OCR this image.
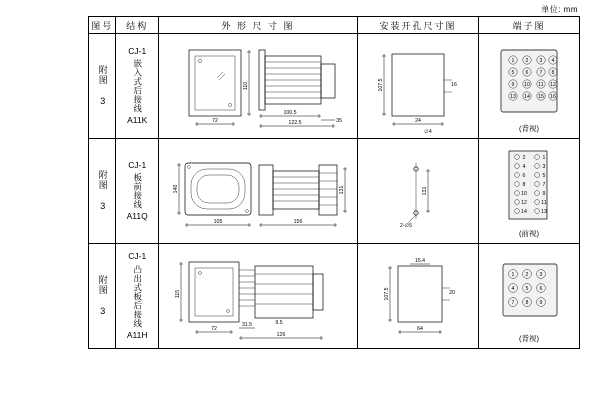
单位: mm
图号	结构	外 形 尺 寸 图	安装开孔尺寸图	端子图

附图 3

CJ-1
嵌入式后接线
A11K

110
72
100.5
122.5	35

107.5
24
16
∅4

1 2 3 4
5 6 7 8
9 10 11 12
13 14 15 16
(背视)

附图 3

CJ-1
板前接线
A11Q

140	131
105	156

131
2-∅5

2	1
4	3
6	5
8	7
10	9
12	11
14	13
(前视)

附图 3

CJ-1
凸出式板后接线
A11H

115
72
31.5	9.5
126

107.5
15.4
20
64

1 2 3
4 5 6
7 8 9
(背视)
